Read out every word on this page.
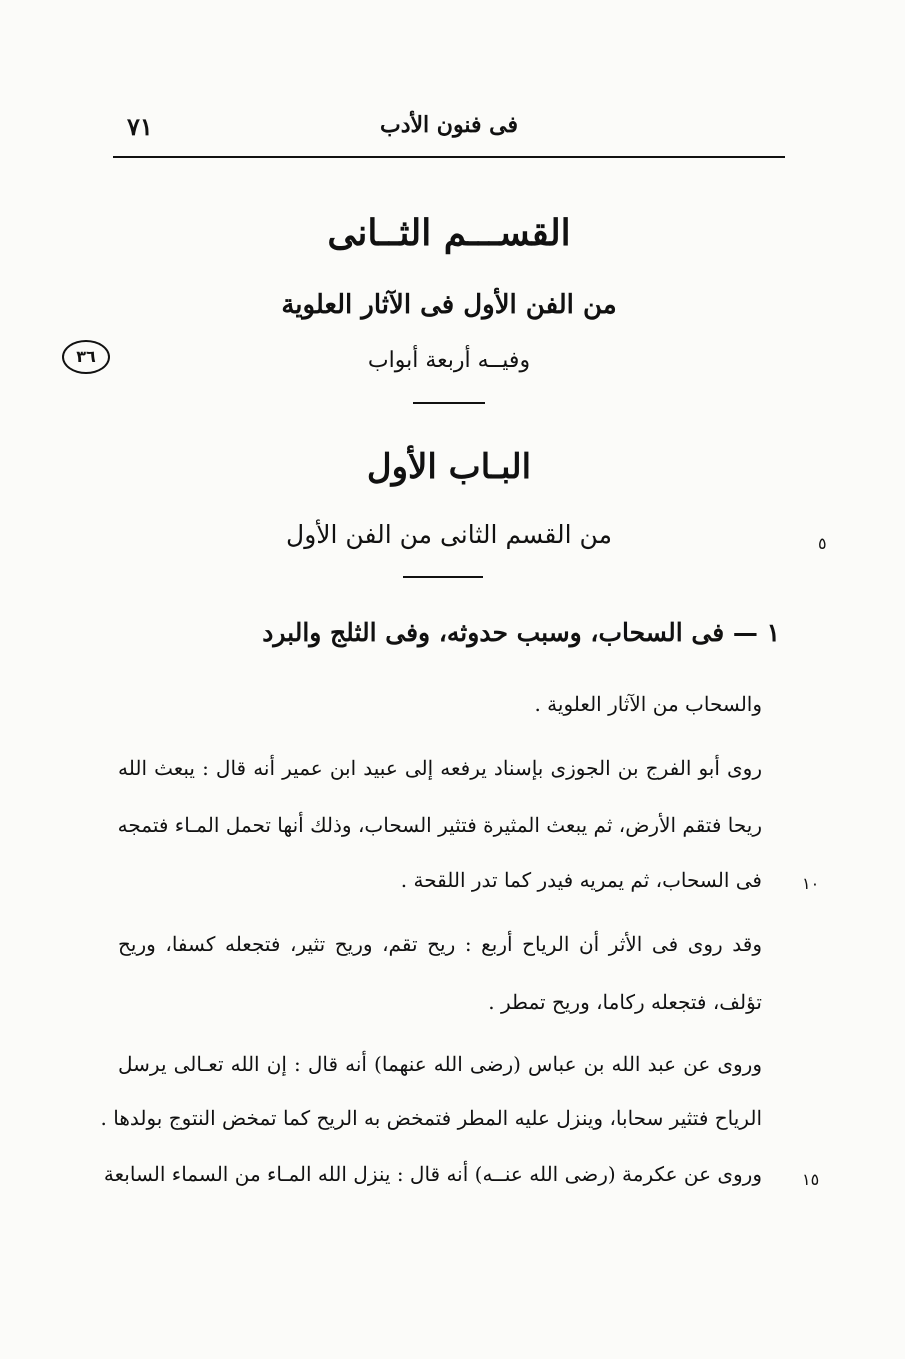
٧١	فى فنون الأدب
٣٦
القســـم الثــانى
من الفن الأول فى الآثار العلوية
وفيــه أربعة أبواب
البـاب الأول
من القسم الثانى من الفن الأول	٥
١ — فى السحاب، وسبب حدوثه، وفى الثلج والبرد
والسحاب من الآثار العلوية .
روى أبو الفرج بن الجوزى بإسناد يرفعه إلى عبيد ابن عمير أنه قال : يبعث الله
ريحا فتقم الأرض، ثم يبعث المثيرة فتثير السحاب، وذلك أنها تحمل المـاء فتمجه
فى السحاب، ثم يمريه فيدر كما تدر اللقحة .	١٠
وقد روى فى الأثر أن الرياح أربع : ريح تقم، وريح تثير، فتجعله كسفا، وريح
تؤلف، فتجعله ركاما، وريح تمطر .
وروى عن عبد الله بن عباس (رضى الله عنهما) أنه قال : إن الله تعـالى يرسل
الرياح فتثير سحابا، وينزل عليه المطر فتمخض به الريح كما تمخض النتوج بولدها .
وروى عن عكرمة (رضى الله عنــه) أنه قال : ينزل الله المـاء من السماء السابعة	١٥
